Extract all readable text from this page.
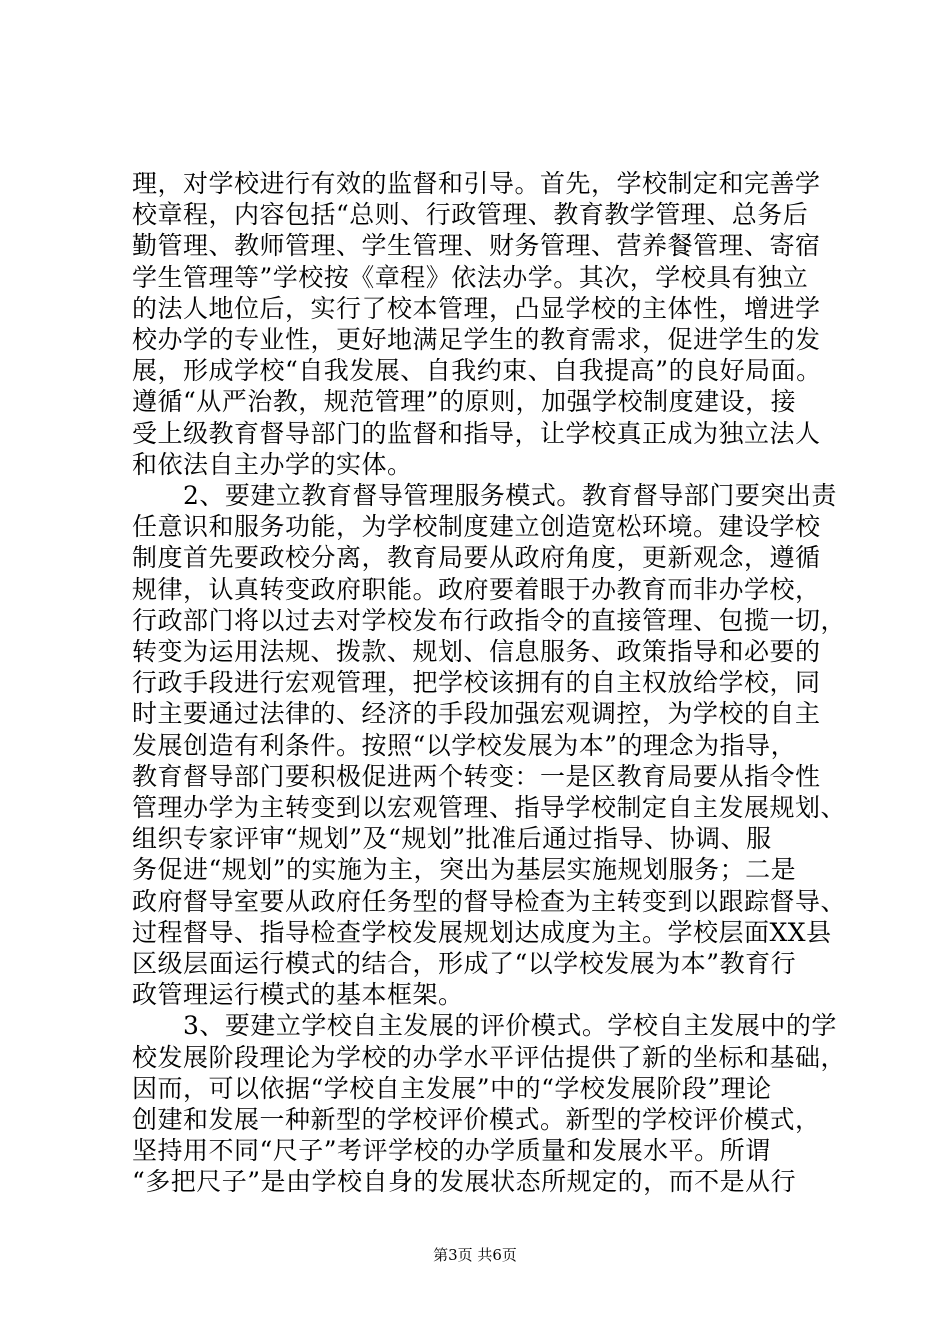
理，对学校进行有效的监督和引导。首先，学校制定和完善学
校章程，内容包括“总则、行政管理、教育教学管理、总务后
勤管理、教师管理、学生管理、财务管理、营养餐管理、寄宿
学生管理等”学校按《章程》依法办学。其次，学校具有独立
的法人地位后，实行了校本管理，凸显学校的主体性，增进学
校办学的专业性，更好地满足学生的教育需求，促进学生的发
展，形成学校“自我发展、自我约束、自我提高”的良好局面。
遵循“从严治教，规范管理”的原则，加强学校制度建设，接
受上级教育督导部门的监督和指导，让学校真正成为独立法人
和依法自主办学的实体。
　　2、要建立教育督导管理服务模式。教育督导部门要突出责
任意识和服务功能，为学校制度建立创造宽松环境。建设学校
制度首先要政校分离，教育局要从政府角度，更新观念，遵循
规律，认真转变政府职能。政府要着眼于办教育而非办学校，
行政部门将以过去对学校发布行政指令的直接管理、包揽一切，
转变为运用法规、拨款、规划、信息服务、政策指导和必要的
行政手段进行宏观管理，把学校该拥有的自主权放给学校，同
时主要通过法律的、经济的手段加强宏观调控，为学校的自主
发展创造有利条件。按照“以学校发展为本”的理念为指导，
教育督导部门要积极促进两个转变：一是区教育局要从指令性
管理办学为主转变到以宏观管理、指导学校制定自主发展规划、
组织专家评审“规划”及“规划”批准后通过指导、协调、服
务促进“规划”的实施为主，突出为基层实施规划服务；二是
政府督导室要从政府任务型的督导检查为主转变到以跟踪督导、
过程督导、指导检查学校发展规划达成度为主。学校层面XX县
区级层面运行模式的结合，形成了“以学校发展为本”教育行
政管理运行模式的基本框架。
　　3、要建立学校自主发展的评价模式。学校自主发展中的学
校发展阶段理论为学校的办学水平评估提供了新的坐标和基础，
因而，可以依据“学校自主发展”中的“学校发展阶段”理论
创建和发展一种新型的学校评价模式。新型的学校评价模式，
坚持用不同“尺子”考评学校的办学质量和发展水平。所谓
“多把尺子”是由学校自身的发展状态所规定的，而不是从行
第3页 共6页
